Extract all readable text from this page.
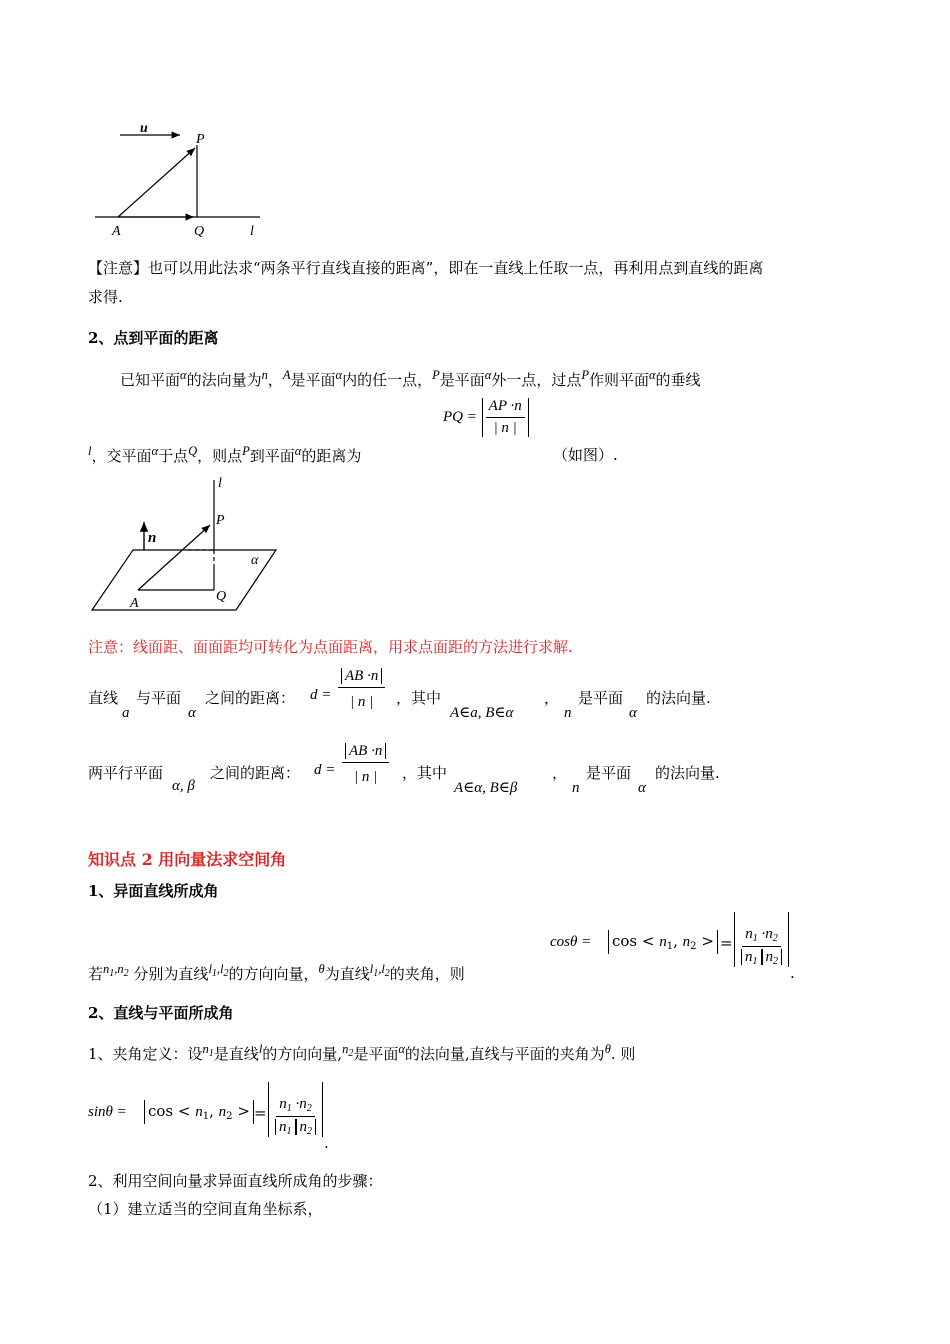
u
P
A	Q	l
【注意】也可以用此法求“两条平行直线直接的距离”，即在一直线上任取一点，再利用点到直线的距离
求得.
2、点到平面的距离
已知平面$^\alpha$的法向量为$^n$，$^A$是平面$^\alpha$内的任一点，$^P$是平面$^\alpha$外一点，过点$^P$作则平面$^\alpha$的垂线
$^l$，交平面$^\alpha$于点$^Q$，则点$^P$到平面$^\alpha$的距离为
PQ = $\frac{AP \cdot n}{| n |}$
（如图）.
l
P
n
α
A	Q
注意：线面距、面面距均可转化为点面距离，用求点面距的方法进行求解.
直线
a
与平面
α
之间的距离： $d = \frac{AB \cdot n}{| n |}$ ，其中
A∈a, B∈α
，
n
是平面
α
的法向量.
两平行平面
α, β
之间的距离： $d = \frac{AB \cdot n}{| n |}$ ，其中
A∈α, B∈β
，
n
是平面
α
的法向量.
知识点 2 用向量法求空间角
1、异面直线所成角
$\cos\theta = \cos < n_1$, $n_2$ > = $\frac{n_1 \cdot n_2}{n_1 n_2}$
.
若$^{n_1,n_2}$ 分别为直线$^{l_1,l_2}$的方向向量，$^\theta$为直线$^{l_1,l_2}$的夹角，则
2、直线与平面所成角
1、夹角定义：设$^{n_1}$是直线$^l$的方向向量,$^{n_2}$是平面$^\alpha$的法向量,直线与平面的夹角为$^\theta$. 则
$\sin\theta = \cos < n_1$, $n_2$ > = $\frac{n_1 \cdot n_2}{n_1 n_2}$
.
2、利用空间向量求异面直线所成角的步骤：
（1）建立适当的空间直角坐标系，
